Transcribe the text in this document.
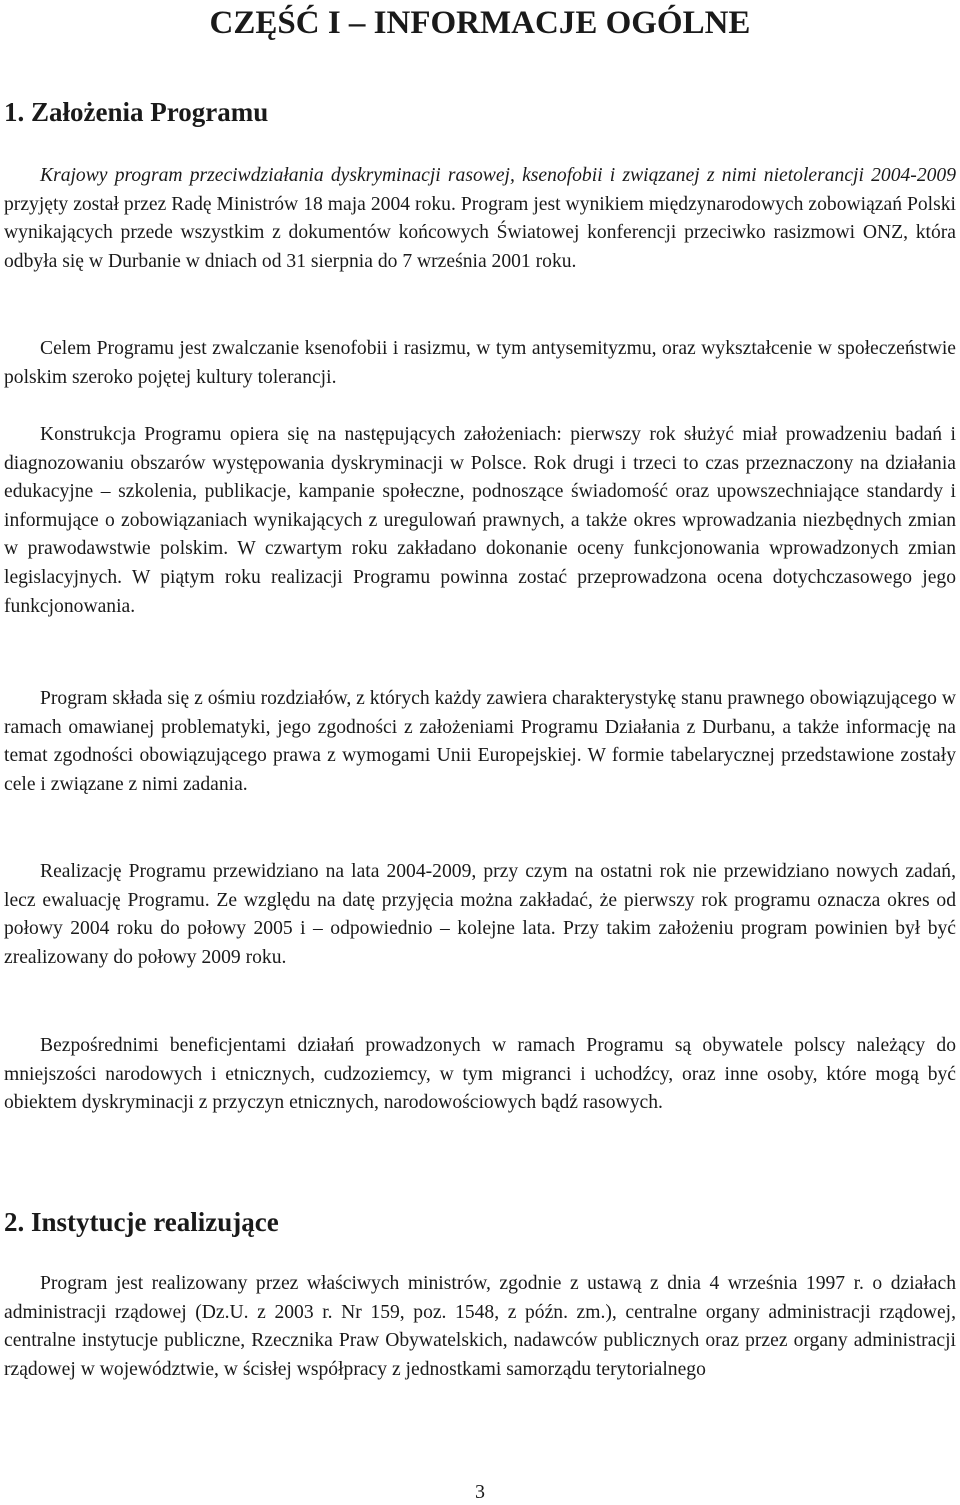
CZĘŚĆ I – INFORMACJE OGÓLNE
1. Założenia Programu

Krajowy program przeciwdziałania dyskryminacji rasowej, ksenofobii i związanej z nimi nietolerancji 2004-2009 przyjęty został przez Radę Ministrów 18 maja 2004 roku. Program jest wynikiem międzynarodowych zobowiązań Polski wynikających przede wszystkim z dokumentów końcowych Światowej konferencji przeciwko rasizmowi ONZ, która odbyła się w Durbanie w dniach od 31 sierpnia do 7 września 2001 roku.

Celem Programu jest zwalczanie ksenofobii i rasizmu, w tym antysemityzmu, oraz wykształcenie w społeczeństwie polskim szeroko pojętej kultury tolerancji.

Konstrukcja Programu opiera się na następujących założeniach: pierwszy rok służyć miał prowadzeniu badań i diagnozowaniu obszarów występowania dyskryminacji w Polsce. Rok drugi i trzeci to czas przeznaczony na działania edukacyjne – szkolenia, publikacje, kampanie społeczne, podnoszące świadomość oraz upowszechniające standardy i informujące o zobowiązaniach wynikających z uregulowań prawnych, a także okres wprowadzania niezbędnych zmian w prawodawstwie polskim. W czwartym roku zakładano dokonanie oceny funkcjonowania wprowadzonych zmian legislacyjnych. W piątym roku realizacji Programu powinna zostać przeprowadzona ocena dotychczasowego jego funkcjonowania.

Program składa się z ośmiu rozdziałów, z których każdy zawiera charakterystykę stanu prawnego obowiązującego w ramach omawianej problematyki, jego zgodności z założeniami Programu Działania z Durbanu, a także informację na temat zgodności obowiązującego prawa z wymogami Unii Europejskiej. W formie tabelarycznej przedstawione zostały cele i związane z nimi zadania.

Realizację Programu przewidziano na lata 2004-2009, przy czym na ostatni rok nie przewidziano nowych zadań, lecz ewaluację Programu. Ze względu na datę przyjęcia można zakładać, że pierwszy rok programu oznacza okres od połowy 2004 roku do połowy 2005 i – odpowiednio – kolejne lata. Przy takim założeniu program powinien był być zrealizowany do połowy 2009 roku.

Bezpośrednimi beneficjentami działań prowadzonych w ramach Programu są obywatele polscy należący do mniejszości narodowych i etnicznych, cudzoziemcy, w tym migranci i uchodźcy, oraz inne osoby, które mogą być obiektem dyskryminacji z przyczyn etnicznych, narodowościowych bądź rasowych.

2. Instytucje realizujące

Program jest realizowany przez właściwych ministrów, zgodnie z ustawą z dnia 4 września 1997 r. o działach administracji rządowej (Dz.U. z 2003 r. Nr 159, poz. 1548, z późn. zm.), centralne organy administracji rządowej, centralne instytucje publiczne, Rzecznika Praw Obywatelskich, nadawców publicznych oraz przez organy administracji rządowej w województwie, w ścisłej współpracy z jednostkami samorządu terytorialnego

3
